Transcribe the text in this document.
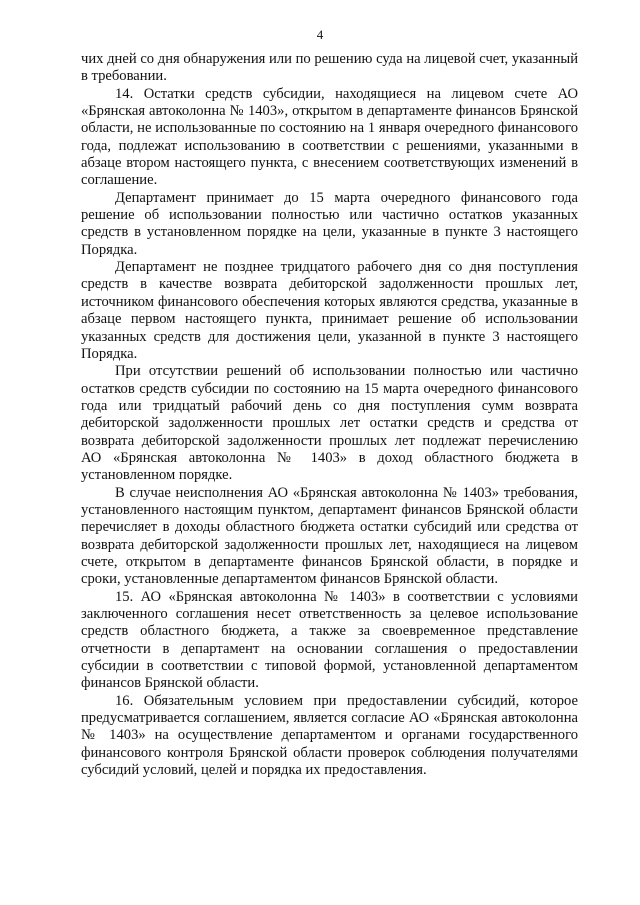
4

чих дней со дня обнаружения или по решению суда на лицевой счет, указанный в требовании.

14. Остатки средств субсидии, находящиеся на лицевом счете АО «Брянская автоколонна № 1403», открытом в департаменте финансов Брянской области, не использованные по состоянию на 1 января очередного финансового года, подлежат использованию в соответствии с решениями, указанными в абзаце втором настоящего пункта, с внесением соответствующих изменений в соглашение.

Департамент принимает до 15 марта очередного финансового года решение об использовании полностью или частично остатков указанных средств в установленном порядке на цели, указанные в пункте 3 настоящего Порядка.

Департамент не позднее тридцатого рабочего дня со дня поступления средств в качестве возврата дебиторской задолженности прошлых лет, источником финансового обеспечения которых являются средства, указанные в абзаце первом настоящего пункта, принимает решение об использовании указанных средств для достижения цели, указанной в пункте 3 настоящего Порядка.

При отсутствии решений об использовании полностью или частично остатков средств субсидии по состоянию на 15 марта очередного финансового года или тридцатый рабочий день со дня поступления сумм возврата дебиторской задолженности прошлых лет остатки средств и средства от возврата дебиторской задолженности прошлых лет подлежат перечислению АО «Брянская автоколонна № 1403» в доход областного бюджета в установленном порядке.

В случае неисполнения АО «Брянская автоколонна № 1403» требования, установленного настоящим пунктом, департамент финансов Брянской области перечисляет в доходы областного бюджета остатки субсидий или средства от возврата дебиторской задолженности прошлых лет, находящиеся на лицевом счете, открытом в департаменте финансов Брянской области, в порядке и сроки, установленные департаментом финансов Брянской области.

15. АО «Брянская автоколонна № 1403» в соответствии с условиями заключенного соглашения несет ответственность за целевое использование средств областного бюджета, а также за своевременное представление отчетности в департамент на основании соглашения о предоставлении субсидии в соответствии с типовой формой, установленной департаментом финансов Брянской области.

16. Обязательным условием при предоставлении субсидий, которое предусматривается соглашением, является согласие АО «Брянская автоколонна № 1403» на осуществление департаментом и органами государственного финансового контроля Брянской области проверок соблюдения получателями субсидий условий, целей и порядка их предоставления.
